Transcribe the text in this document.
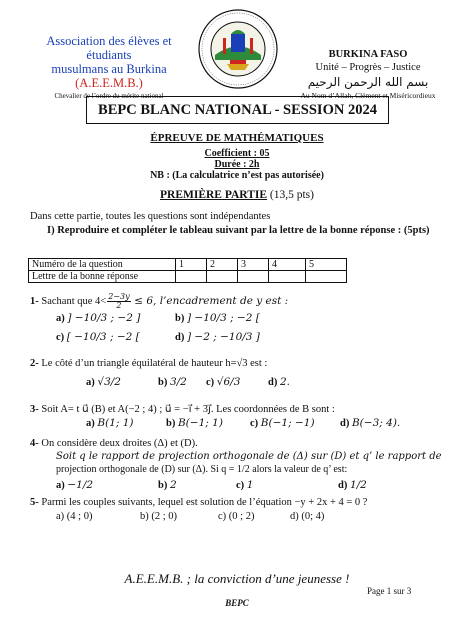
Association des élèves et étudiants
musulmans au Burkina
(A.E.E.M.B.)
Chevalier de l’ordre du mérite national
BURKINA FASO
Unité – Progrès – Justice
بسم الله الرحمن الرحيم
Au Nom d’Allah, Clément et Miséricordieux
BEPC BLANC NATIONAL - SESSION 2024
ÉPREUVE DE MATHÉMATIQUES
Coefficient : 05
Durée : 2h
NB : (La calculatrice n’est pas autorisée)
PREMIÈRE PARTIE (13,5 pts)
Dans cette partie, toutes les questions sont indépendantes
I) Reproduire et compléter le tableau suivant par la lettre de la bonne réponse : (5pts)
Numéro de la question	1	2	3	4	5
Lettre de la bonne réponse					
1- Sachant que $4< \frac{2-3y}{2} \le 6$, l’encadrement de y est :
a) ] −10/3 ; −2 ]	b) ] −10/3 ; −2 [
c) [ −10/3 ; −2 [	d) ] −2 ; −10/3 ]
2- Le côté d’un triangle équilatéral de hauteur h=√3 est :
a) √3/2	b) 3/2 c) √6/3	d) 2.
3- Soit A= t u⃗ (B) et A(−2 ; 4) ; u⃗ = −i⃗ + 3j⃗. Les coordonnées de B sont :
a) B(1; 1)	b) B(−1; 1)	c) B(−1; −1) d) B(−3; 4).
4- On considère deux droites (Δ) et (D).
Soit q le rapport de projection orthogonale de (Δ) sur (D) et q’ le rapport de
projection orthogonale de (D) sur (Δ). Si q = 1/2 alors la valeur de q’ est:
a) −1/2	b) 2	c) 1	d) 1/2
5- Parmi les couples suivants, lequel est solution de l’équation −y + 2x + 4 = 0 ?
a) (4 ; 0)	b) (2 ; 0)	c) (0 ; 2)	d) (0; 4)
A.E.E.M.B. ; la conviction d’une jeunesse !
Page 1 sur 3
BEPC
